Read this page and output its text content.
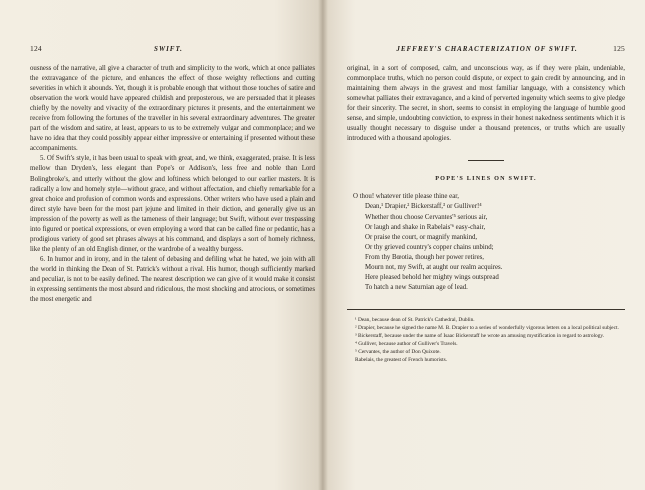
124	SWIFT.

ousness of the narrative, all give a character of truth and simplicity to the work, which at once palliates the extravagance of the picture, and enhances the effect of those weighty reflections and cutting severities in which it abounds. Yet, though it is probable enough that without those touches of satire and observation the work would have appeared childish and preposterous, we are persuaded that it pleases chiefly by the novelty and vivacity of the extraordinary pictures it presents, and the entertainment we receive from following the fortunes of the traveller in his several extraordinary adventures. The greater part of the wisdom and satire, at least, appears to us to be extremely vulgar and commonplace; and we have no idea that they could possibly appear either impressive or entertaining if presented without these accompaniments.

5. Of Swift's style, it has been usual to speak with great, and, we think, exaggerated, praise. It is less mellow than Dryden's, less elegant than Pope's or Addison's, less free and noble than Lord Bolingbroke's, and utterly without the glow and loftiness which belonged to our earlier masters. It is radically a low and homely style—without grace, and without affectation, and chiefly remarkable for a great choice and profusion of common words and expressions. Other writers who have used a plain and direct style have been for the most part jejune and limited in their diction, and generally give us an impression of the poverty as well as the tameness of their language; but Swift, without ever trespassing into figured or poetical expressions, or even employing a word that can be called fine or pedantic, has a prodigious variety of good set phrases always at his command, and displays a sort of homely richness, like the plenty of an old English dinner, or the wardrobe of a wealthy burgess.

6. In humor and in irony, and in the talent of debasing and defiling what he hated, we join with all the world in thinking the Dean of St. Patrick's without a rival. His humor, though sufficiently marked and peculiar, is not to be easily defined. The nearest description we can give of it would make it consist in expressing sentiments the most absurd and ridiculous, the most shocking and atrocious, or sometimes the most energetic and

JEFFREY'S CHARACTERIZATION OF SWIFT.	125

original, in a sort of composed, calm, and unconscious way, as if they were plain, undeniable, commonplace truths, which no person could dispute, or expect to gain credit by announcing, and in maintaining them always in the gravest and most familiar language, with a consistency which somewhat palliates their extravagance, and a kind of perverted ingenuity which seems to give pledge for their sincerity. The secret, in short, seems to consist in employing the language of humble good sense, and simple, undoubting conviction, to express in their honest nakedness sentiments which it is usually thought necessary to disguise under a thousand pretences, or truths which are usually introduced with a thousand apologies.

POPE'S LINES ON SWIFT.
O thou! whatever title please thine ear,
Dean,¹ Drapier,² Bickerstaff,³ or Gulliver!⁴
Whether thou choose Cervantes'⁵ serious air,
Or laugh and shake in Rabelais'⁶ easy-chair,
Or praise the court, or magnify mankind,
Or thy grieved country's copper chains unbind;
From thy Bœotia, though her power retires,
Mourn not, my Swift, at aught our realm acquires.
Here pleased behold her mighty wings outspread
To hatch a new Saturnian age of lead.
¹ Dean, because dean of St. Patrick's Cathedral, Dublin.
² Drapier, because he signed the name M. B. Drapier to a series of wonderfully vigorous letters on a local political subject.
³ Bickerstaff, because under the name of Isaac Bickerstaff he wrote an amusing mystification in regard to astrology.
⁴ Gulliver, because author of Gulliver's Travels.
⁵ Cervantes, the author of Don Quixote.
Rabelais, the greatest of French humorists.
